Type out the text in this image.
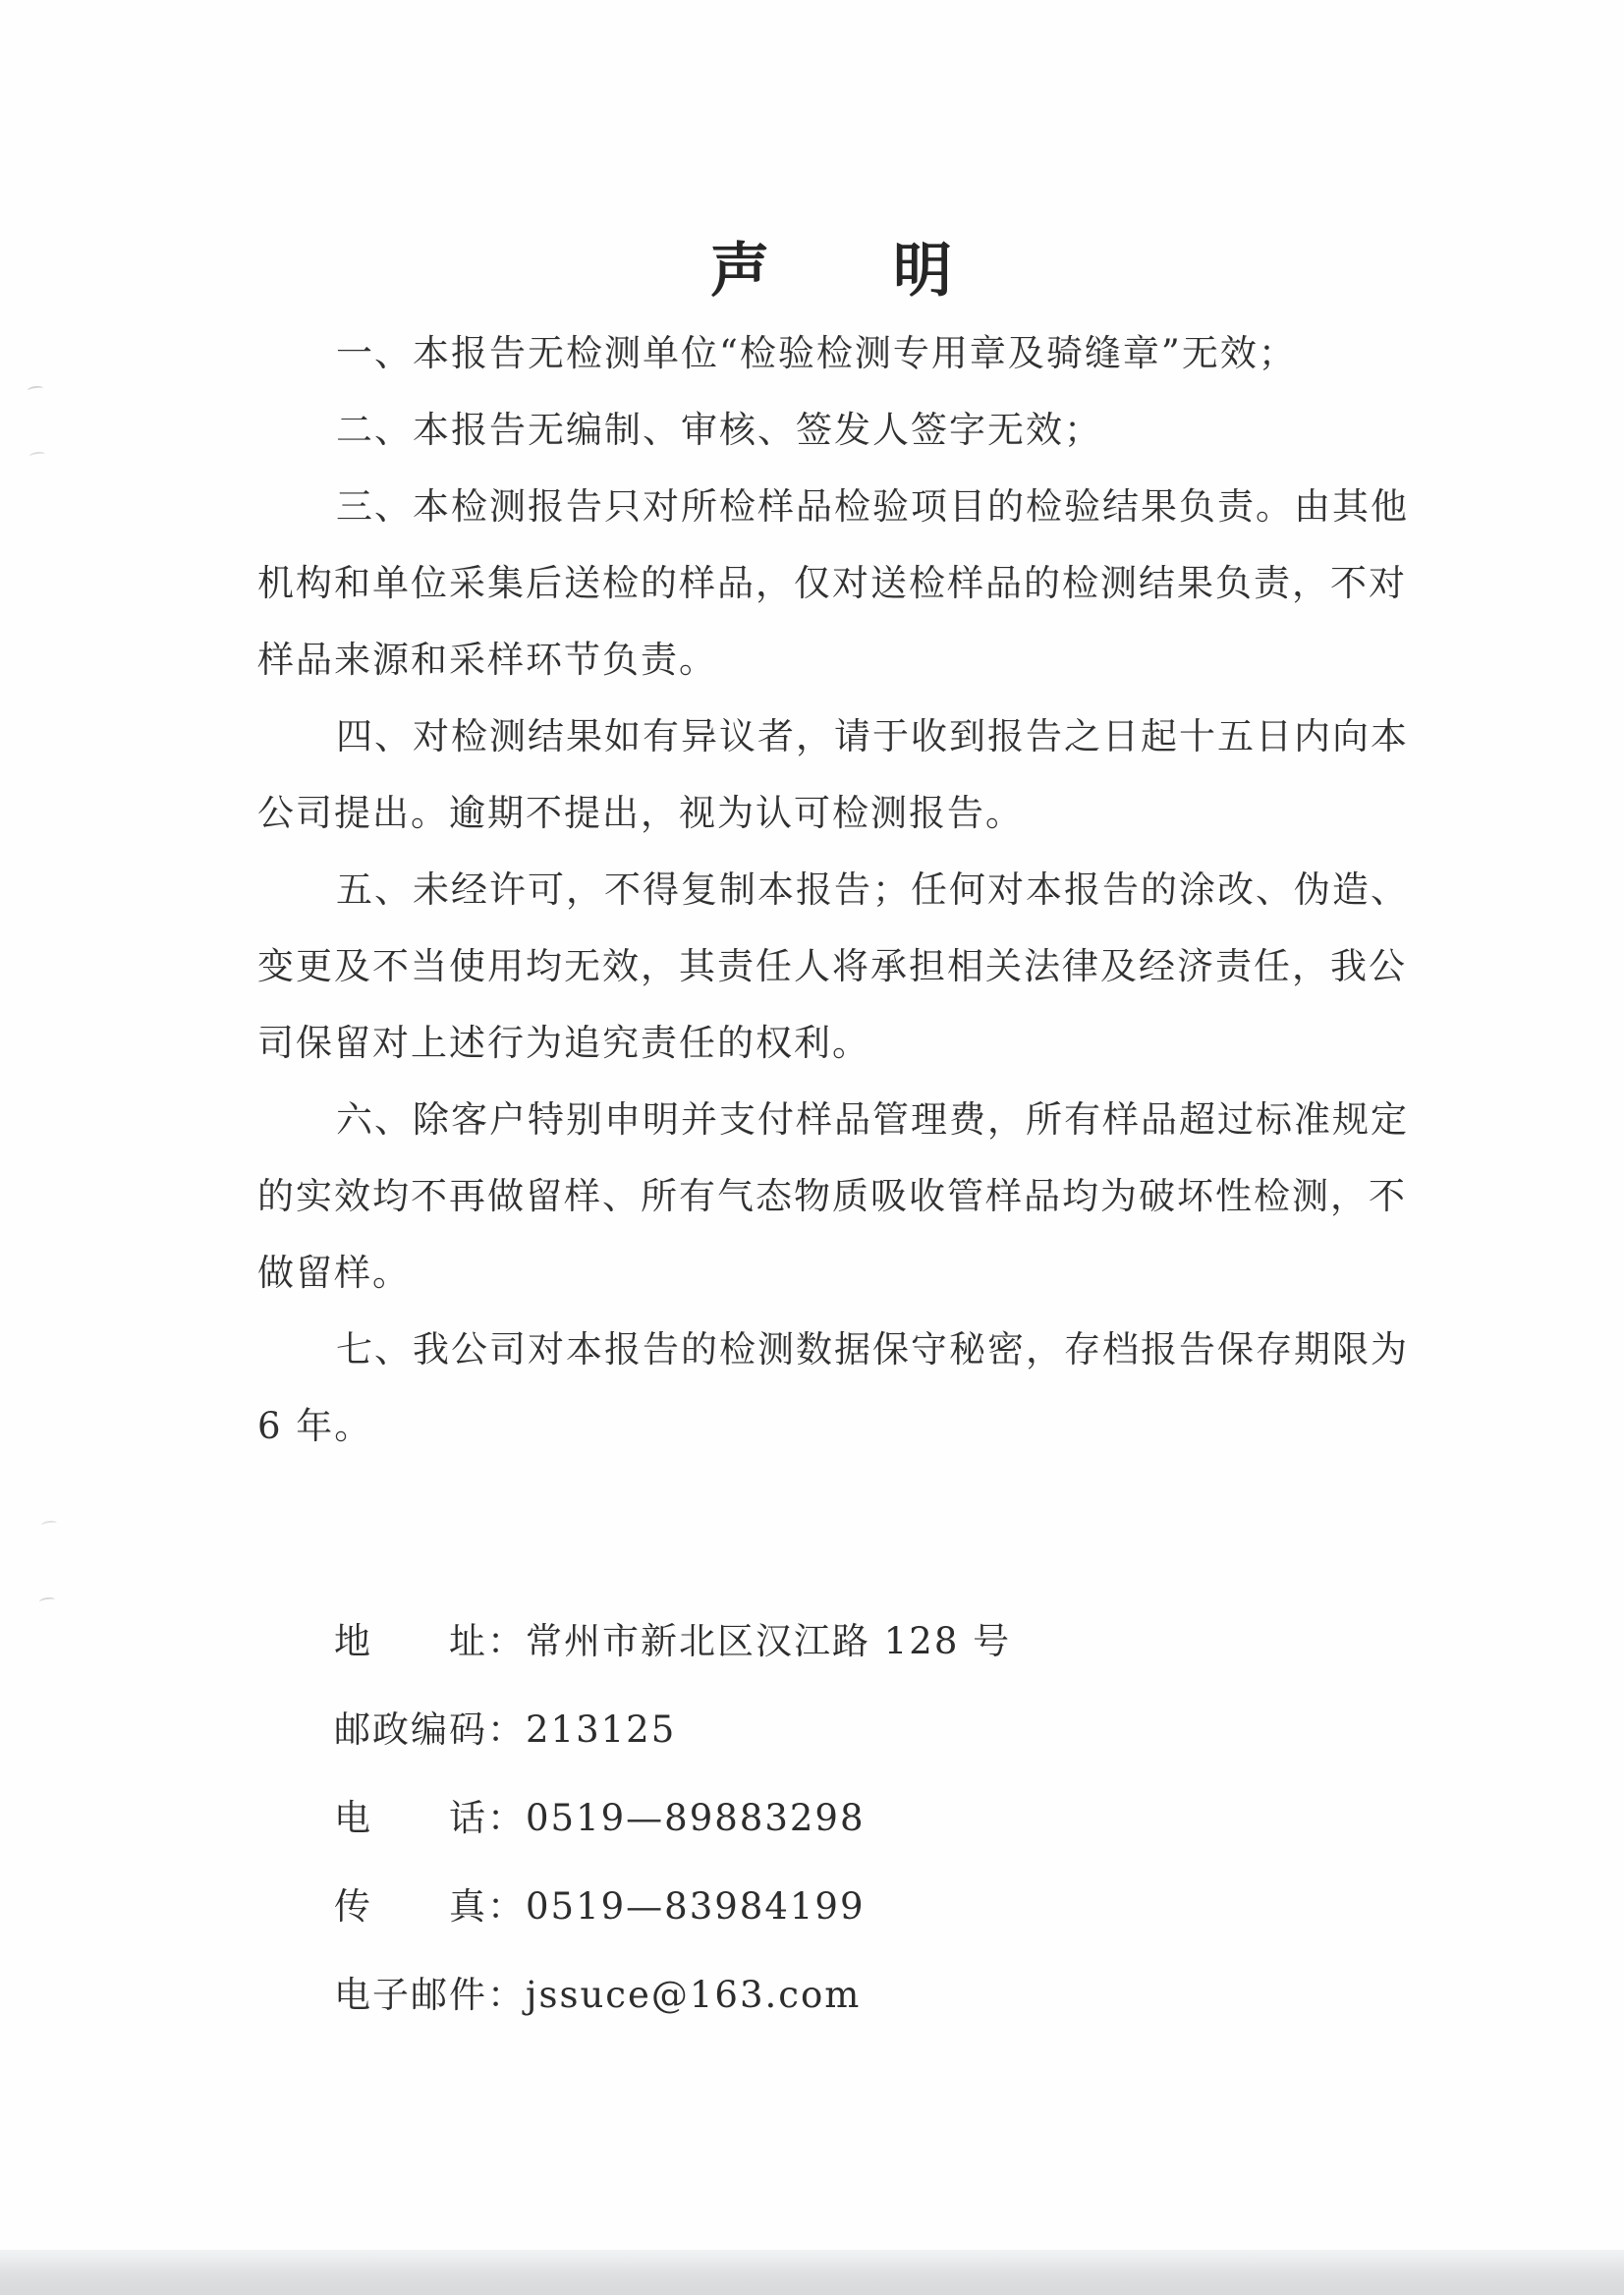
声　　明
一、本报告无检测单位“检验检测专用章及骑缝章”无效；
二、本报告无编制、审核、签发人签字无效；
三、本检测报告只对所检样品检验项目的检验结果负责。由其他
机构和单位采集后送检的样品，仅对送检样品的检测结果负责，不对
样品来源和采样环节负责。
四、对检测结果如有异议者，请于收到报告之日起十五日内向本
公司提出。逾期不提出，视为认可检测报告。
五、未经许可，不得复制本报告；任何对本报告的涂改、伪造、
变更及不当使用均无效，其责任人将承担相关法律及经济责任，我公
司保留对上述行为追究责任的权利。
六、除客户特别申明并支付样品管理费，所有样品超过标准规定
的实效均不再做留样、所有气态物质吸收管样品均为破坏性检测，不
做留样。
七、我公司对本报告的检测数据保守秘密，存档报告保存期限为
6 年。
地　　址：常州市新北区汉江路 128 号
邮政编码：213125
电　　话：0519—89883298
传　　真：0519—83984199
电子邮件：jssuce@163.com
